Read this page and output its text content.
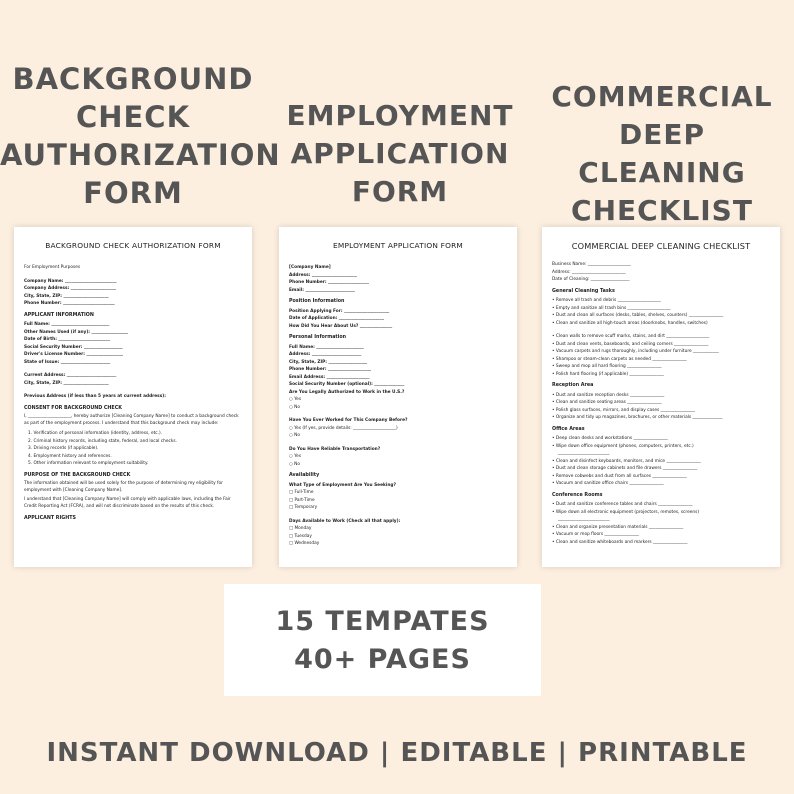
BACKGROUND
CHECK
AUTHORIZATION
FORM
EMPLOYMENT
APPLICATION
FORM
COMMERCIAL
DEEP
CLEANING
CHECKLIST
BACKGROUND CHECK AUTHORIZATION FORM
For Employment Purposes
Company Name: ________________________
Company Address: _____________________
City, State, ZIP: _____________________
Phone Number: ________________________
APPLICANT INFORMATION
Full Name: ___________________________
Other Names Used (if any): _________________
Date of Birth: ________________________
Social Security Number: __________________
Driver's License Number: _________________
State of Issue: _______________________
Current Address: _______________________
City, State, ZIP: _____________________
Previous Address (if less than 5 years at current address):
CONSENT FOR BACKGROUND CHECK
I, ____________________, hereby authorize [Cleaning Company Name] to conduct a background check as part of the employment process. I understand that this background check may include:
1. Verification of personal information (identity, address, etc.).
2. Criminal history records, including state, federal, and local checks.
3. Driving records (if applicable).
4. Employment history and references.
5. Other information relevant to employment suitability.
PURPOSE OF THE BACKGROUND CHECK
The information obtained will be used solely for the purpose of determining my eligibility for employment with [Cleaning Company Name].
I understand that [Cleaning Company Name] will comply with applicable laws, including the Fair Credit Reporting Act (FCRA), and will not discriminate based on the results of this check.
APPLICANT RIGHTS
EMPLOYMENT APPLICATION FORM
[Company Name]
Address: _____________________
Phone Number: ___________________
Email: _______________________
Position Information
Position Applying For: _____________________
Date of Application: _____________________
How Did You Hear About Us? _______________
Personal Information
Full Name: ______________________
Address: _______________________
City, State, ZIP: __________________
Phone Number: ____________________
Email Address: ____________________
Social Security Number (optional): ______________
Are You Legally Authorized to Work in the U.S.?
○ Yes
○ No
Have You Ever Worked for This Company Before?
○ Yes (If yes, provide details: ____________________)
○ No
Do You Have Reliable Transportation?
○ Yes
○ No
Availability
What Type of Employment Are You Seeking?
□ Full-Time
□ Part-Time
□ Temporary
Days Available to Work (Check all that apply):
□ Monday
□ Tuesday
□ Wednesday
COMMERCIAL DEEP CLEANING CHECKLIST
Business Name: ____________________
Address: _________________________
Date of Cleaning: __________________
General Cleaning Tasks
• Remove all trash and debris ____________________
• Empty and sanitize all trash bins ____________________
• Dust and clean all surfaces (desks, tables, shelves, counters) ________________
• Clean and sanitize all high-touch areas (doorknobs, handles, switches)
• Clean walls to remove scuff marks, stains, and dirt ____________________
• Dust and clean vents, baseboards, and ceiling corners ________________
• Vacuum carpets and rugs thoroughly, including under furniture ____________
• Shampoo or steam-clean carpets as needed ________________
• Sweep and mop all hard flooring ________________
• Polish hard flooring (if applicable) ________________
Reception Area
• Dust and sanitize reception desks ________________
• Clean and sanitize seating areas ________________
• Polish glass surfaces, mirrors, and display cases ________________
• Organize and tidy up magazines, brochures, or other materials ______________
Office Areas
• Deep clean desks and workstations ________________
• Wipe down office equipment (phones, computers, printers, etc.)
________________________
• Clean and disinfect keyboards, monitors, and mice ________________
• Dust and clean storage cabinets and file drawers ________________
• Remove cobwebs and dust from all surfaces ________________
• Vacuum and sanitize office chairs ________________
Conference Rooms
• Dust and sanitize conference tables and chairs ________________
• Wipe down all electronic equipment (projectors, remotes, screens)
________________________
• Clean and organize presentation materials ________________
• Vacuum or mop floors ________________
• Clean and sanitize whiteboards and markers ________________
15 TEMPATES
40+ PAGES
INSTANT DOWNLOAD | EDITABLE | PRINTABLE
